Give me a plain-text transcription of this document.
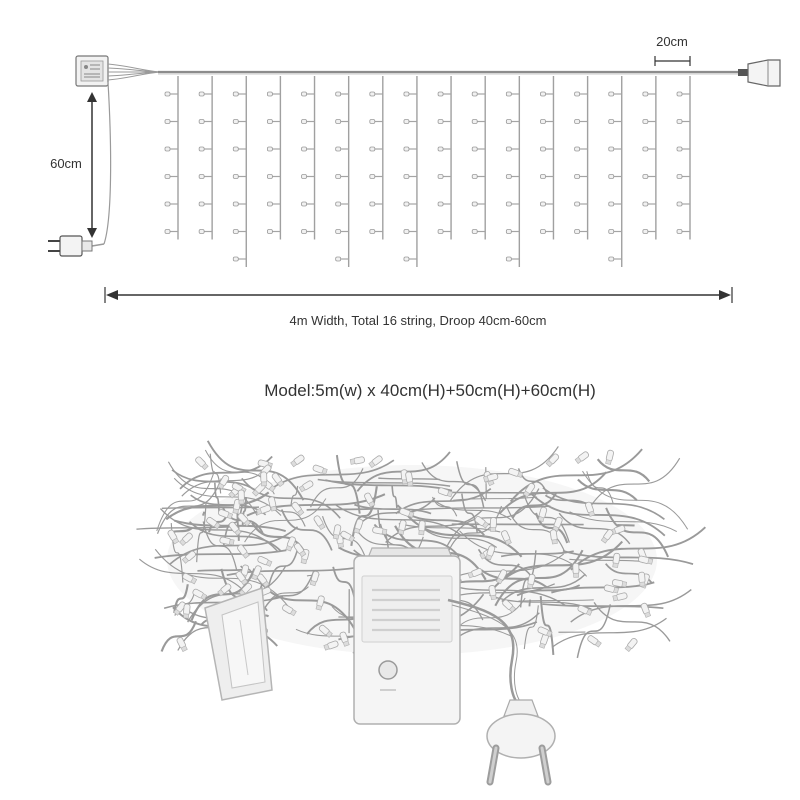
20cm
60cm
4m Width, Total 16 string, Droop 40cm-60cm
Model:5m(w) x 40cm(H)+50cm(H)+60cm(H)
